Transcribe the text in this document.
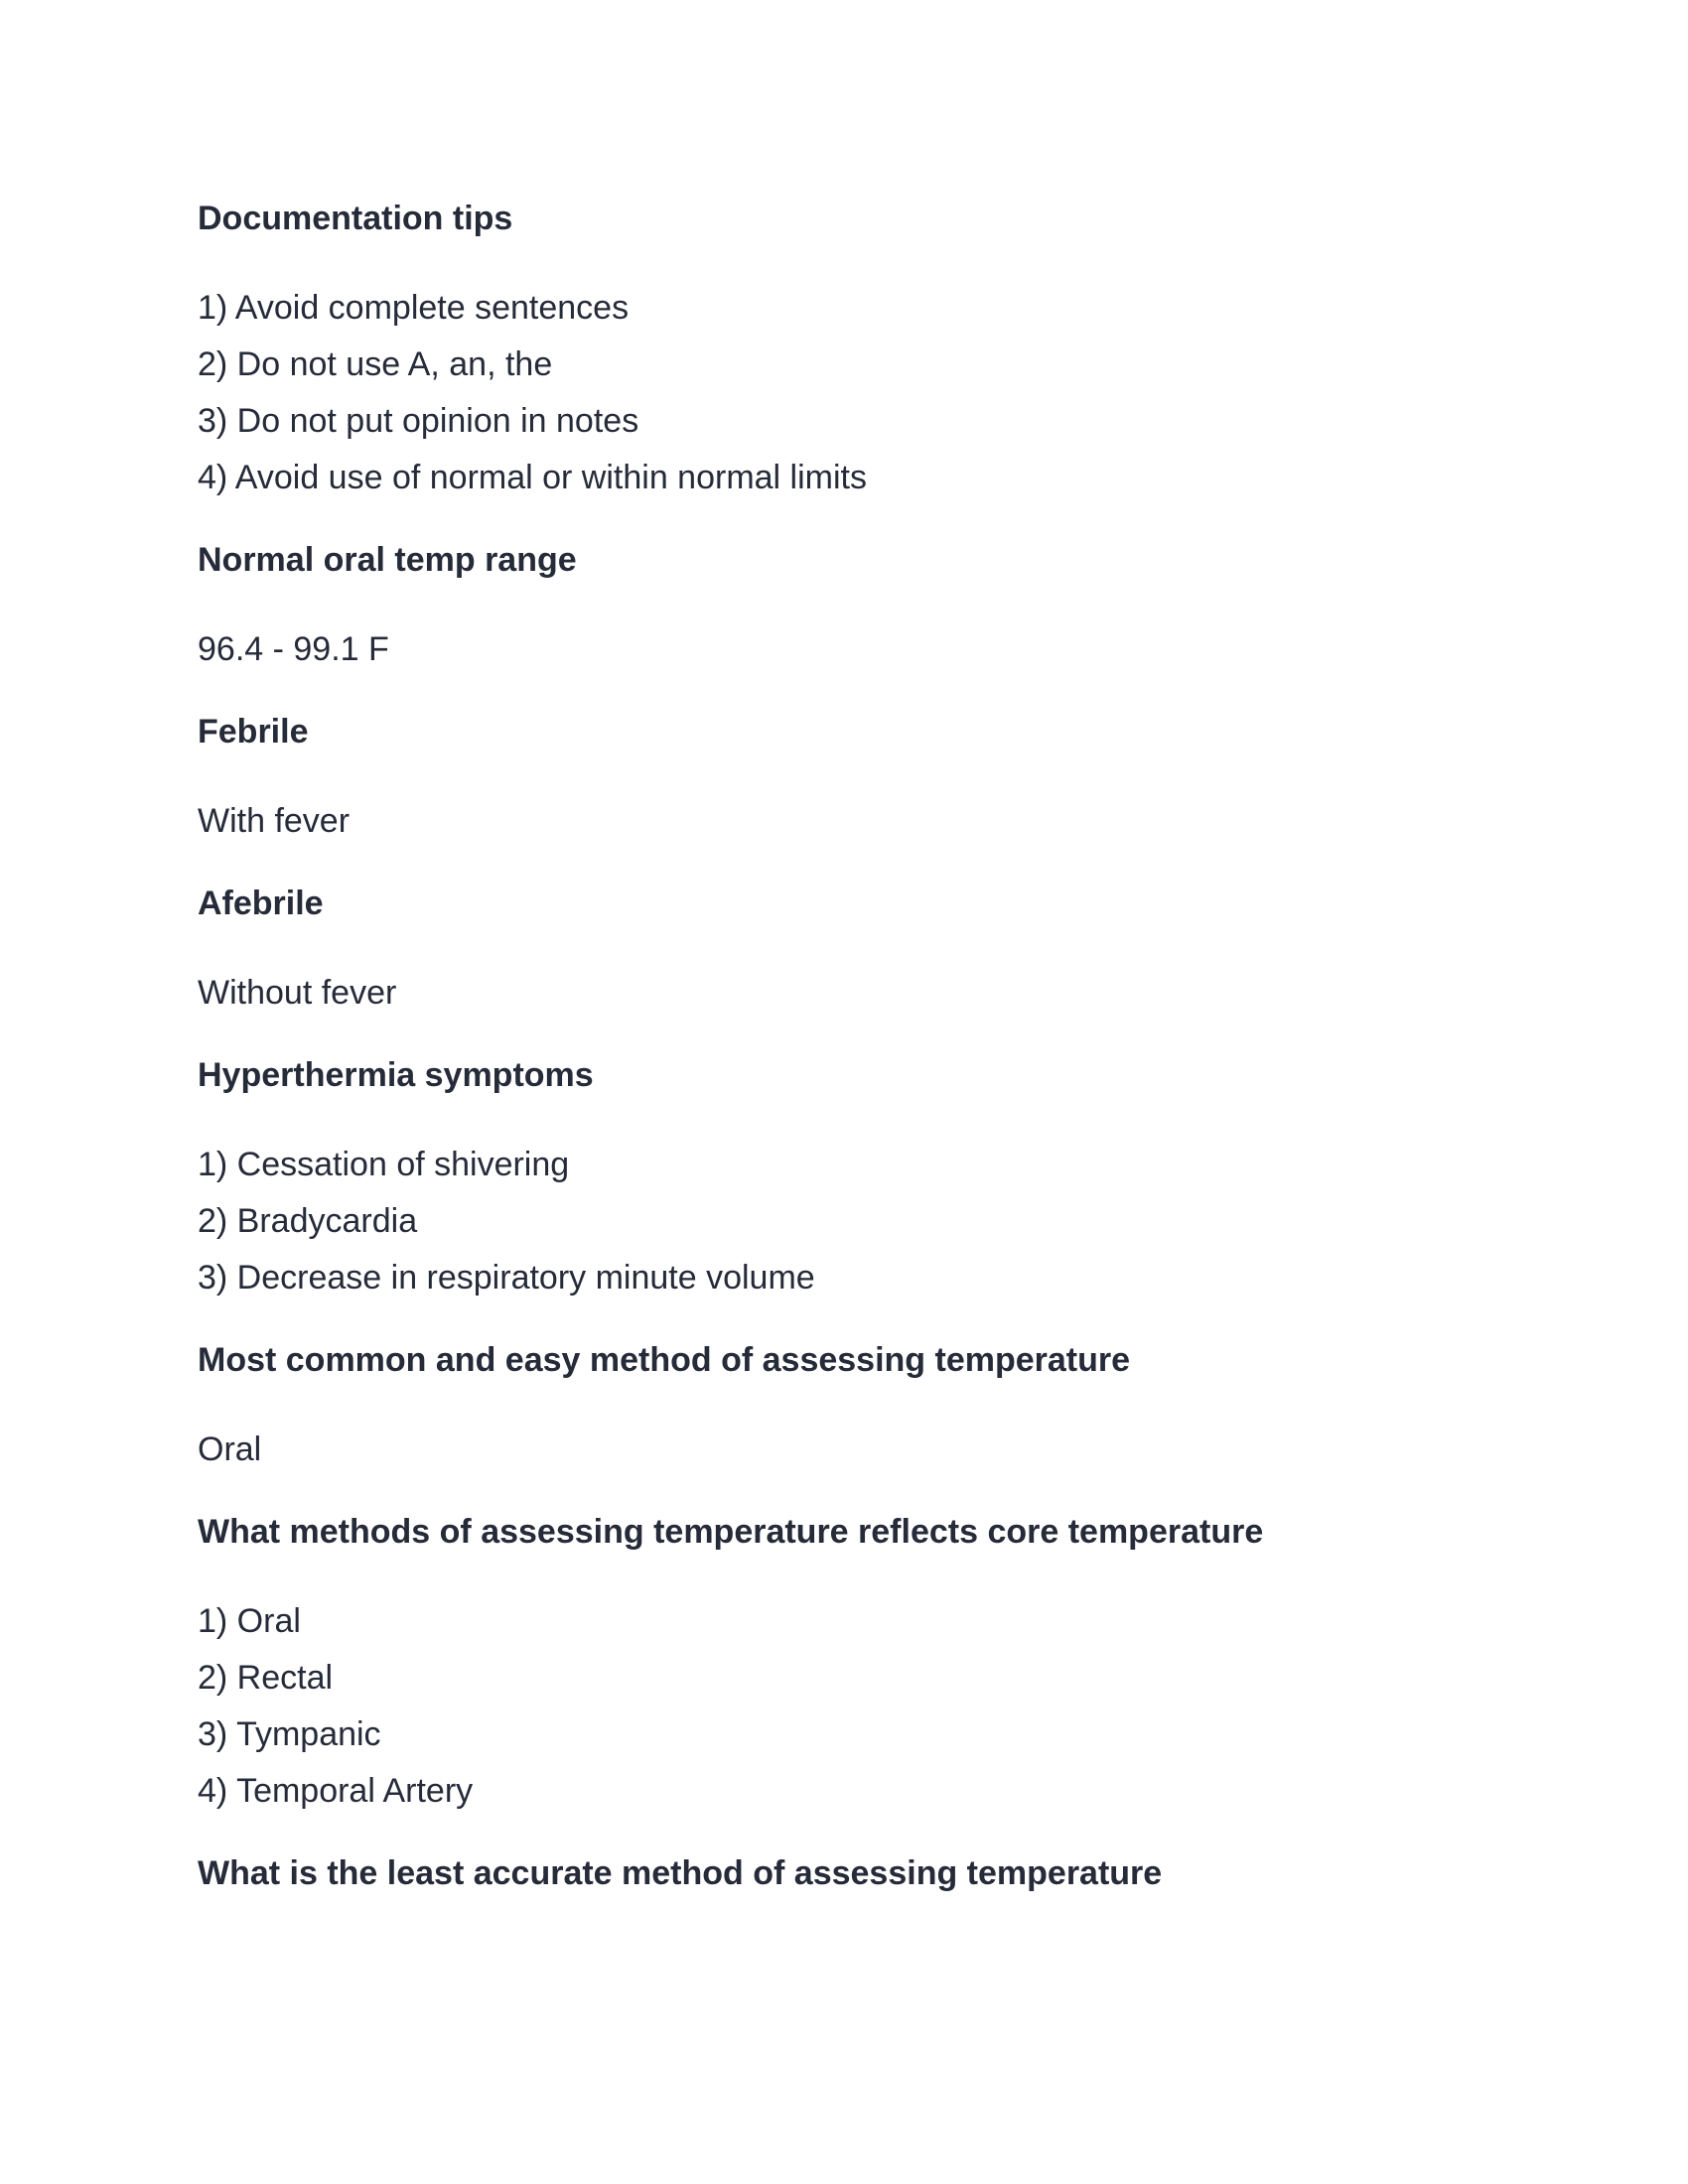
Documentation tips
1) Avoid complete sentences
2) Do not use A, an, the
3) Do not put opinion in notes
4) Avoid use of normal or within normal limits
Normal oral temp range
96.4 - 99.1 F
Febrile
With fever
Afebrile
Without fever
Hyperthermia symptoms
1) Cessation of shivering
2) Bradycardia
3) Decrease in respiratory minute volume
Most common and easy method of assessing temperature
Oral
What methods of assessing temperature reflects core temperature
1) Oral
2) Rectal
3) Tympanic
4) Temporal Artery
What is the least accurate method of assessing temperature
